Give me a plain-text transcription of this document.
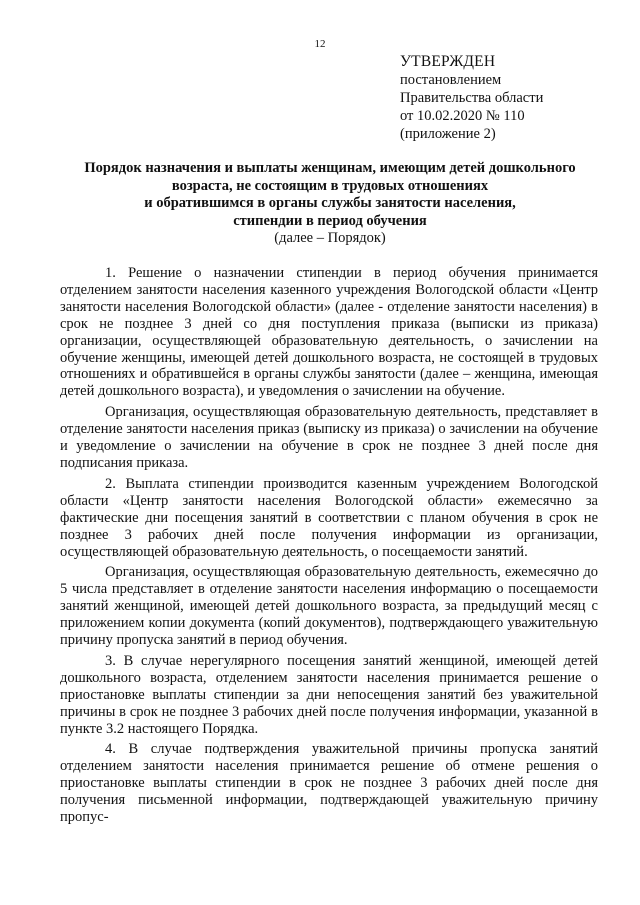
12
УТВЕРЖДЕН
постановлением
Правительства области
от 10.02.2020 № 110
(приложение 2)
Порядок назначения и выплаты женщинам, имеющим детей дошкольного
возраста, не состоящим в трудовых отношениях
и обратившимся в органы службы занятости населения,
стипендии в период обучения
(далее – Порядок)

1. Решение о назначении стипендии в период обучения принимается отделением занятости населения казенного учреждения Вологодской области «Центр занятости населения Вологодской области» (далее - отделение занятости населения) в срок не позднее 3 дней со дня поступления приказа (выписки из приказа) организации, осуществляющей образовательную деятельность, о зачислении на обучение женщины, имеющей детей дошкольного возраста, не состоящей в трудовых отношениях и обратившейся в органы службы занятости (далее – женщина, имеющая детей дошкольного возраста), и уведомления о зачислении на обучение.

Организация, осуществляющая образовательную деятельность, представляет в отделение занятости населения приказ (выписку из приказа) о зачислении на обучение и уведомление о зачислении на обучение в срок не позднее 3 дней после дня подписания приказа.

2. Выплата стипендии производится казенным учреждением Вологодской области «Центр занятости населения Вологодской области» ежемесячно за фактические дни посещения занятий в соответствии с планом обучения в срок не позднее 3 рабочих дней после получения информации из организации, осуществляющей образовательную деятельность, о посещаемости занятий.

Организация, осуществляющая образовательную деятельность, ежемесячно до 5 числа представляет в отделение занятости населения информацию о посещаемости занятий женщиной, имеющей детей дошкольного возраста, за предыдущий месяц с приложением копии документа (копий документов), подтверждающего уважительную причину пропуска занятий в период обучения.

3. В случае нерегулярного посещения занятий женщиной, имеющей детей дошкольного возраста, отделением занятости населения принимается решение о приостановке выплаты стипендии за дни непосещения занятий без уважительной причины в срок не позднее 3 рабочих дней после получения информации, указанной в пункте 3.2 настоящего Порядка.

4. В случае подтверждения уважительной причины пропуска занятий отделением занятости населения принимается решение об отмене решения о приостановке выплаты стипендии в срок не позднее 3 рабочих дней после дня получения письменной информации, подтверждающей уважительную причину пропус-
